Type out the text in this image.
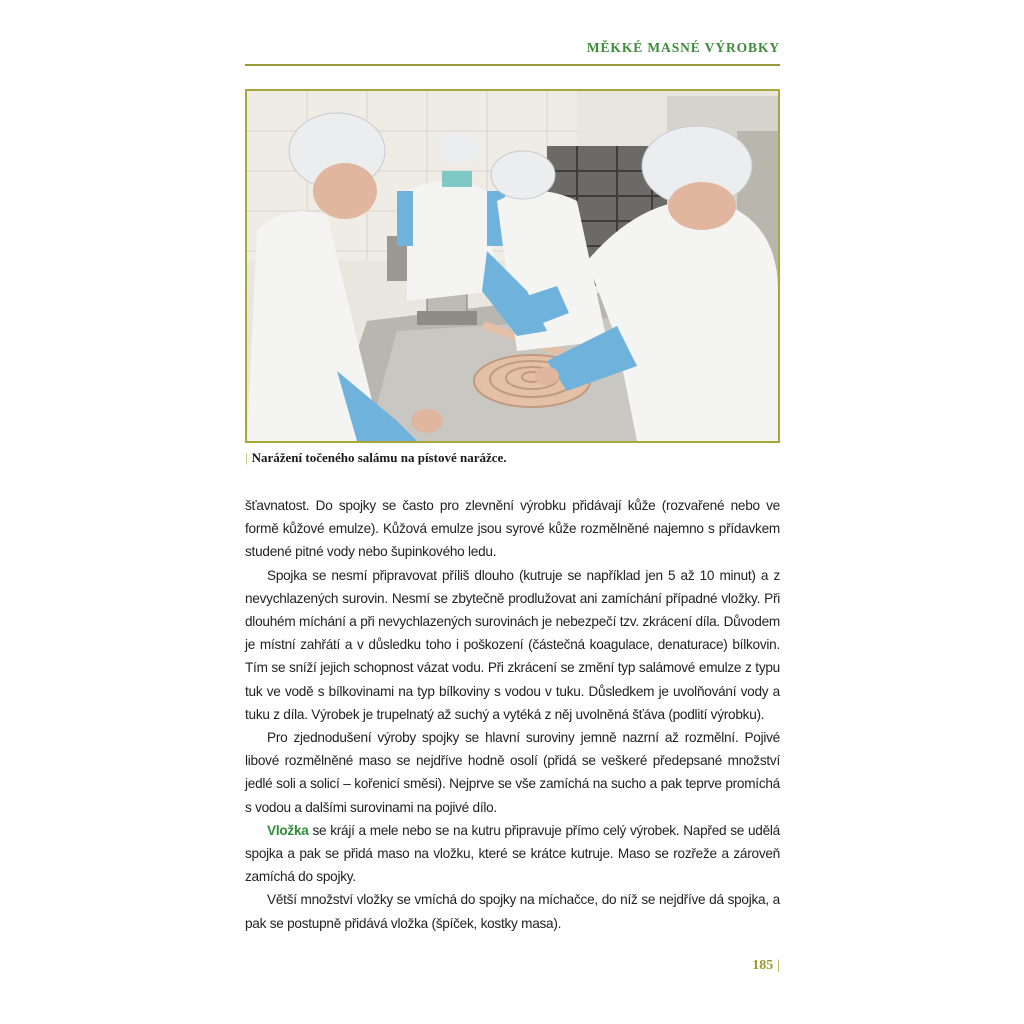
MĚKKÉ MASNÉ VÝROBKY
| Narážení točeného salámu na pístové narážce.

šťavnatost. Do spojky se často pro zlevnění výrobku přidávají kůže (rozvařené nebo ve formě kůžové emulze). Kůžová emulze jsou syrové kůže rozmělněné najemno s přídavkem studené pitné vody nebo šupinkového ledu.

Spojka se nesmí připravovat příliš dlouho (kutruje se například jen 5 až 10 minut) a z nevychlazených surovin. Nesmí se zbytečně prodlužovat ani zamíchání případné vložky. Při dlouhém míchání a při nevychlazených surovinách je nebezpečí tzv. zkrácení díla. Důvodem je místní zahřátí a v důsledku toho i poškození (částečná koagulace, denaturace) bílkovin. Tím se sníží jejich schopnost vázat vodu. Při zkrácení se změní typ salámové emulze z typu tuk ve vodě s bílkovinami na typ bílkoviny s vodou v tuku. Důsledkem je uvolňování vody a tuku z díla. Výrobek je trupelnatý až suchý a vytéká z něj uvolněná šťáva (podlití výrobku).

Pro zjednodušení výroby spojky se hlavní suroviny jemně nazrní až rozmělní. Pojivé libové rozmělněné maso se nejdříve hodně osolí (přidá se veškeré předepsané množství jedlé soli a solicí – kořenicí směsi). Nejprve se vše zamíchá na sucho a pak teprve promíchá s vodou a dalšími surovinami na pojivé dílo.

Vložka se krájí a mele nebo se na kutru připravuje přímo celý výrobek. Napřed se udělá spojka a pak se přidá maso na vložku, které se krátce kutruje. Maso se rozřeže a zároveň zamíchá do spojky.

Větší množství vložky se vmíchá do spojky na míchačce, do níž se nejdříve dá spojka, a pak se postupně přidává vložka (špíček, kostky masa).

185 |
